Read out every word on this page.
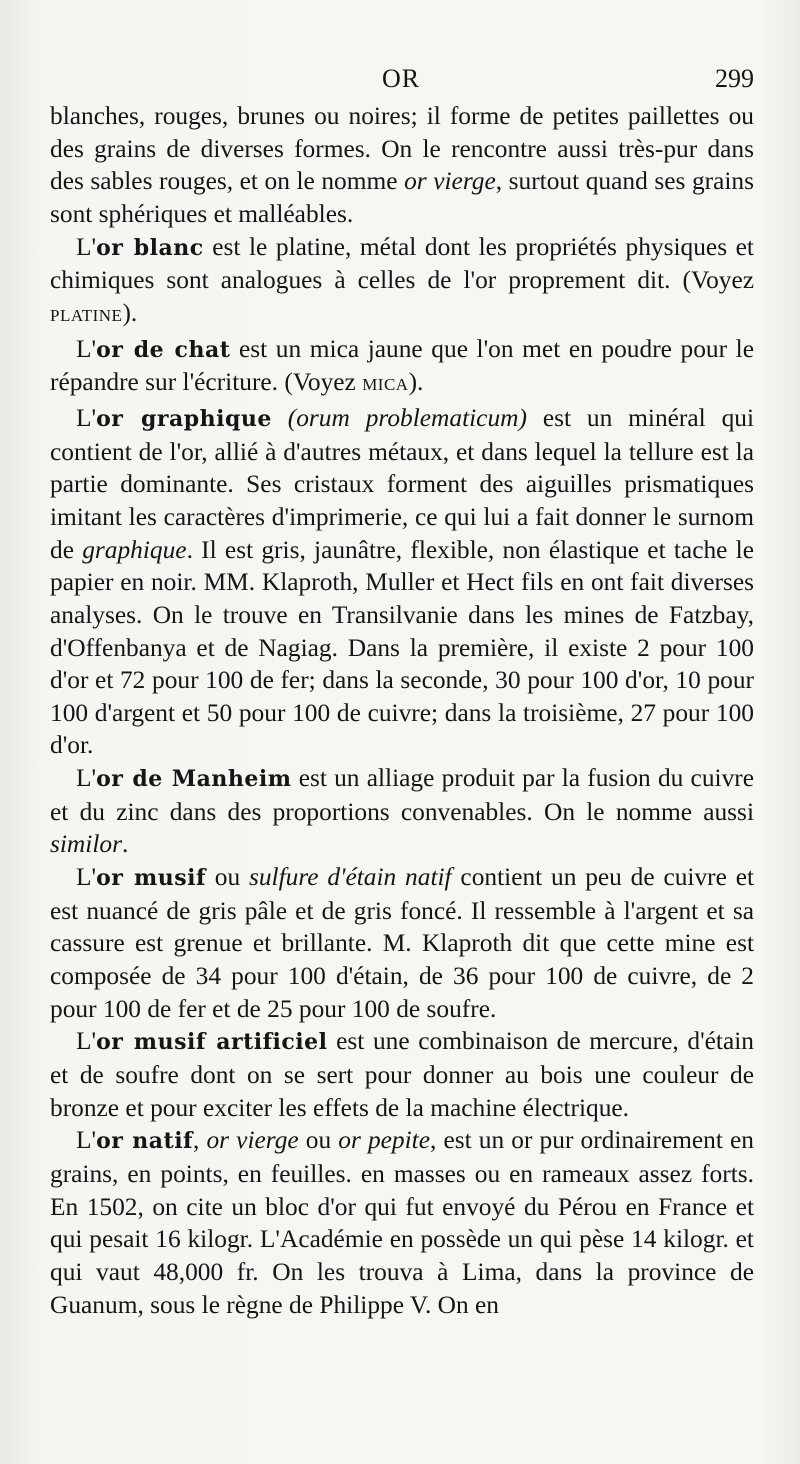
OR	299

blanches, rouges, brunes ou noires; il forme de petites paillettes ou des grains de diverses formes. On le rencontre aussi très-pur dans des sables rouges, et on le nomme or vierge, surtout quand ses grains sont sphériques et malléables.

L'or blanc est le platine, métal dont les propriétés physiques et chimiques sont analogues à celles de l'or proprement dit. (Voyez PLATINE).

L'or de chat est un mica jaune que l'on met en poudre pour le répandre sur l'écriture. (Voyez MICA).

L'or graphique (orum problematicum) est un minéral qui contient de l'or, allié à d'autres métaux, et dans lequel la tellure est la partie dominante. Ses cristaux forment des aiguilles prismatiques imitant les caractères d'imprimerie, ce qui lui a fait donner le surnom de graphique. Il est gris, jaunâtre, flexible, non élastique et tache le papier en noir. MM. Klaproth, Muller et Hect fils en ont fait diverses analyses. On le trouve en Transilvanie dans les mines de Fatzbay, d'Offenbanya et de Nagiag. Dans la première, il existe 2 pour 100 d'or et 72 pour 100 de fer; dans la seconde, 30 pour 100 d'or, 10 pour 100 d'argent et 50 pour 100 de cuivre; dans la troisième, 27 pour 100 d'or.

L'or de Manheim est un alliage produit par la fusion du cuivre et du zinc dans des proportions convenables. On le nomme aussi similor.

L'or musif ou sulfure d'étain natif contient un peu de cuivre et est nuancé de gris pâle et de gris foncé. Il ressemble à l'argent et sa cassure est grenue et brillante. M. Klaproth dit que cette mine est composée de 34 pour 100 d'étain, de 36 pour 100 de cuivre, de 2 pour 100 de fer et de 25 pour 100 de soufre.

L'or musif artificiel est une combinaison de mercure, d'étain et de soufre dont on se sert pour donner au bois une couleur de bronze et pour exciter les effets de la machine électrique.

L'or natif, or vierge ou or pepite, est un or pur ordinairement en grains, en points, en feuilles. en masses ou en rameaux assez forts. En 1502, on cite un bloc d'or qui fut envoyé du Pérou en France et qui pesait 16 kilogr. L'Académie en possède un qui pèse 14 kilogr. et qui vaut 48,000 fr. On les trouva à Lima, dans la province de Guanum, sous le règne de Philippe V. On en
